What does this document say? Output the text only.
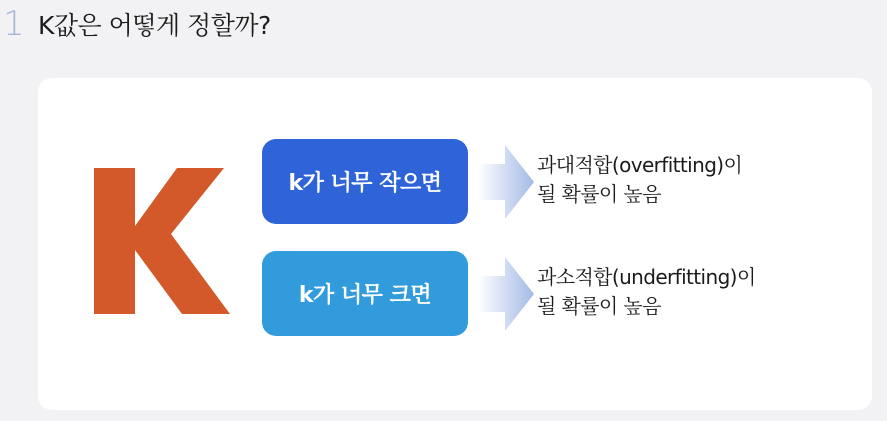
1 K값은 어떻게 정할까?
k가 너무 작으면
과대적합(overfitting)이
될 확률이 높음
k가 너무 크면
과소적합(underfitting)이
될 확률이 높음
